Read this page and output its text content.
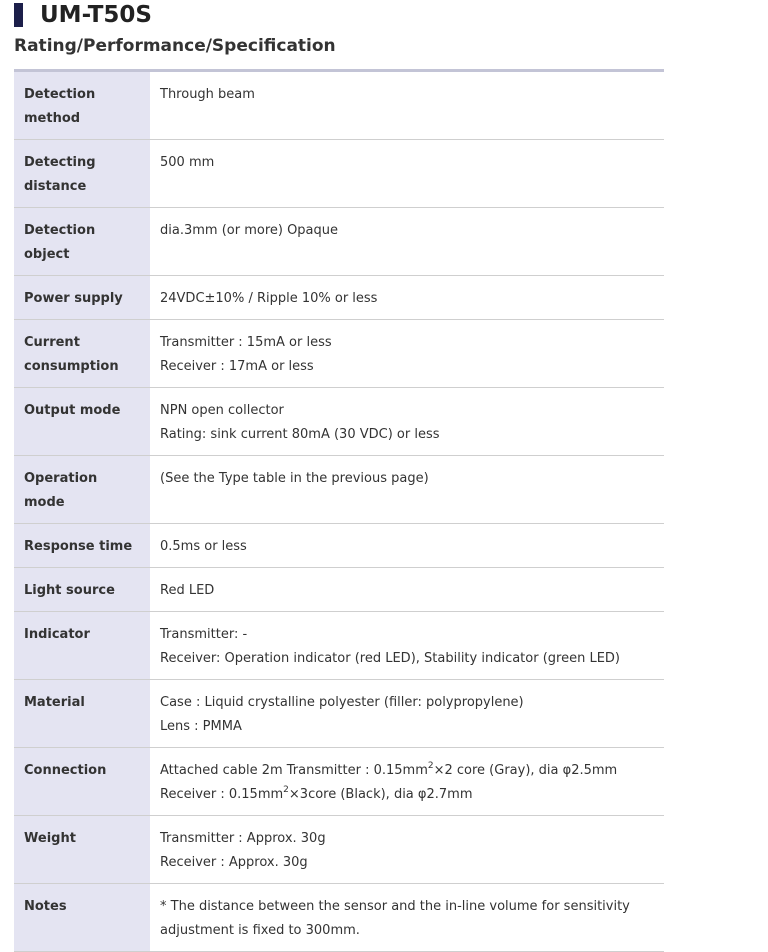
UM-T50S
Rating/Performance/Specification
Detection method	Through beam

Detecting distance	500 mm

Detection object	dia.3mm (or more) Opaque

Power supply	24VDC±10% / Ripple 10% or less

Current consumption	Transmitter : 15mA or less
Receiver : 17mA or less

Output mode	NPN open collector
Rating: sink current 80mA (30 VDC) or less

Operation mode	(See the Type table in the previous page)

Response time	0.5ms or less

Light source	Red LED

Indicator	Transmitter: -
Receiver: Operation indicator (red LED), Stability indicator (green LED)

Material	Case : Liquid crystalline polyester (filler: polypropylene)
Lens : PMMA

Connection	Attached cable 2m Transmitter : $0.15mm^2\times 2$ core (Gray), dia φ2.5mm
Receiver : $0.15mm^2\times 3core$ (Black), dia φ2.7mm

Weight	Transmitter : Approx. 30g
Receiver : Approx. 30g

Notes	* The distance between the sensor and the in-line volume for sensitivity
adjustment is fixed to 300mm.
